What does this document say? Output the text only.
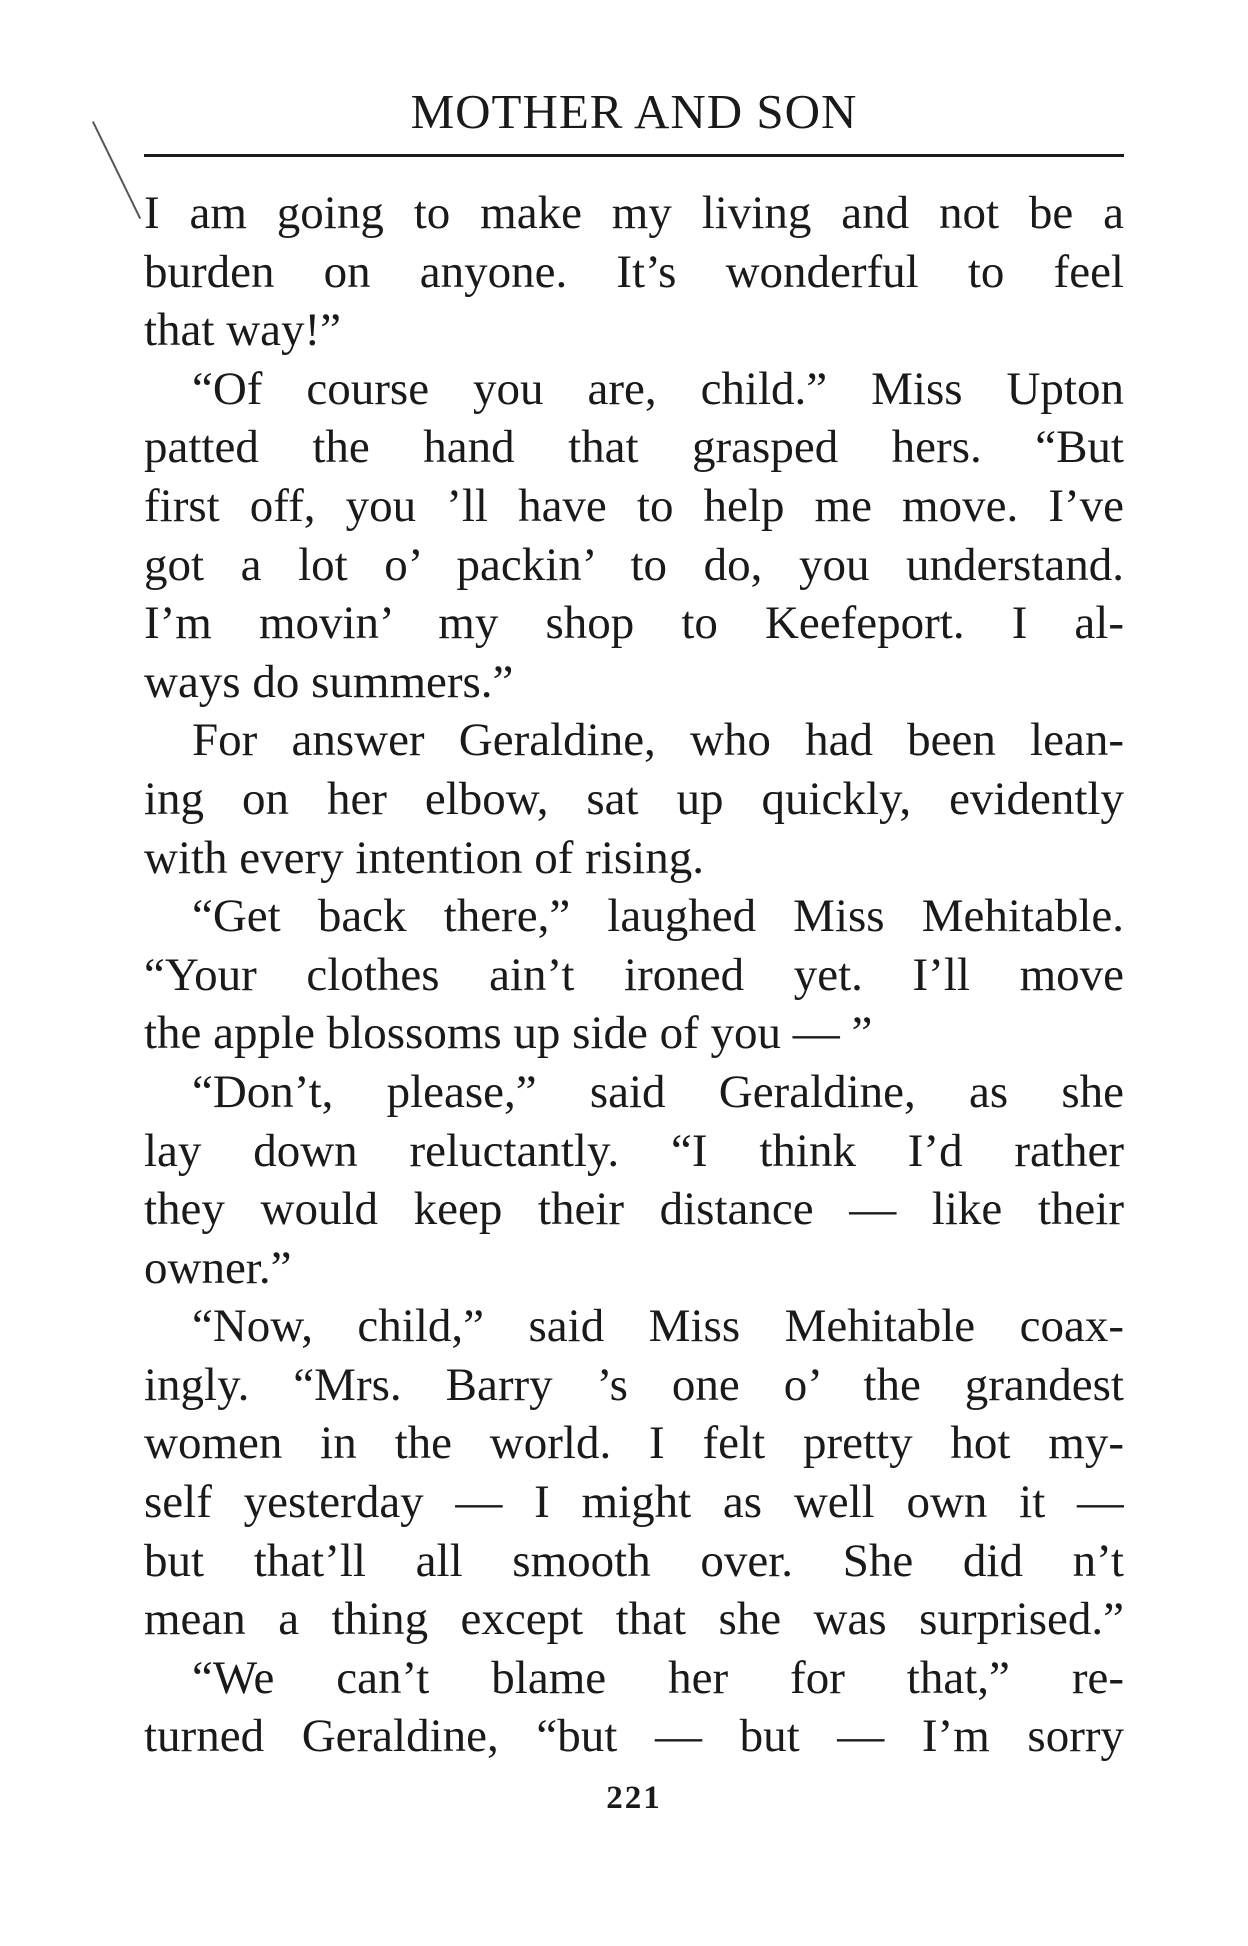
MOTHER AND SON
I am going to make my living and not be a
burden on anyone. It’s wonderful to feel
that way!”
“Of course you are, child.” Miss Upton
patted the hand that grasped hers. “But
first off, you ’ll have to help me move. I’ve
got a lot o’ packin’ to do, you understand.
I’m movin’ my shop to Keefeport. I al-
ways do summers.”
For answer Geraldine, who had been lean-
ing on her elbow, sat up quickly, evidently
with every intention of rising.
“Get back there,” laughed Miss Mehitable.
“Your clothes ain’t ironed yet. I’ll move
the apple blossoms up side of you — ”
“Don’t, please,” said Geraldine, as she
lay down reluctantly. “I think I’d rather
they would keep their distance — like their
owner.”
“Now, child,” said Miss Mehitable coax-
ingly. “Mrs. Barry ’s one o’ the grandest
women in the world. I felt pretty hot my-
self yesterday — I might as well own it —
but that’ll all smooth over. She did n’t
mean a thing except that she was surprised.”
“We can’t blame her for that,” re-
turned Geraldine, “but — but — I’m sorry
221
